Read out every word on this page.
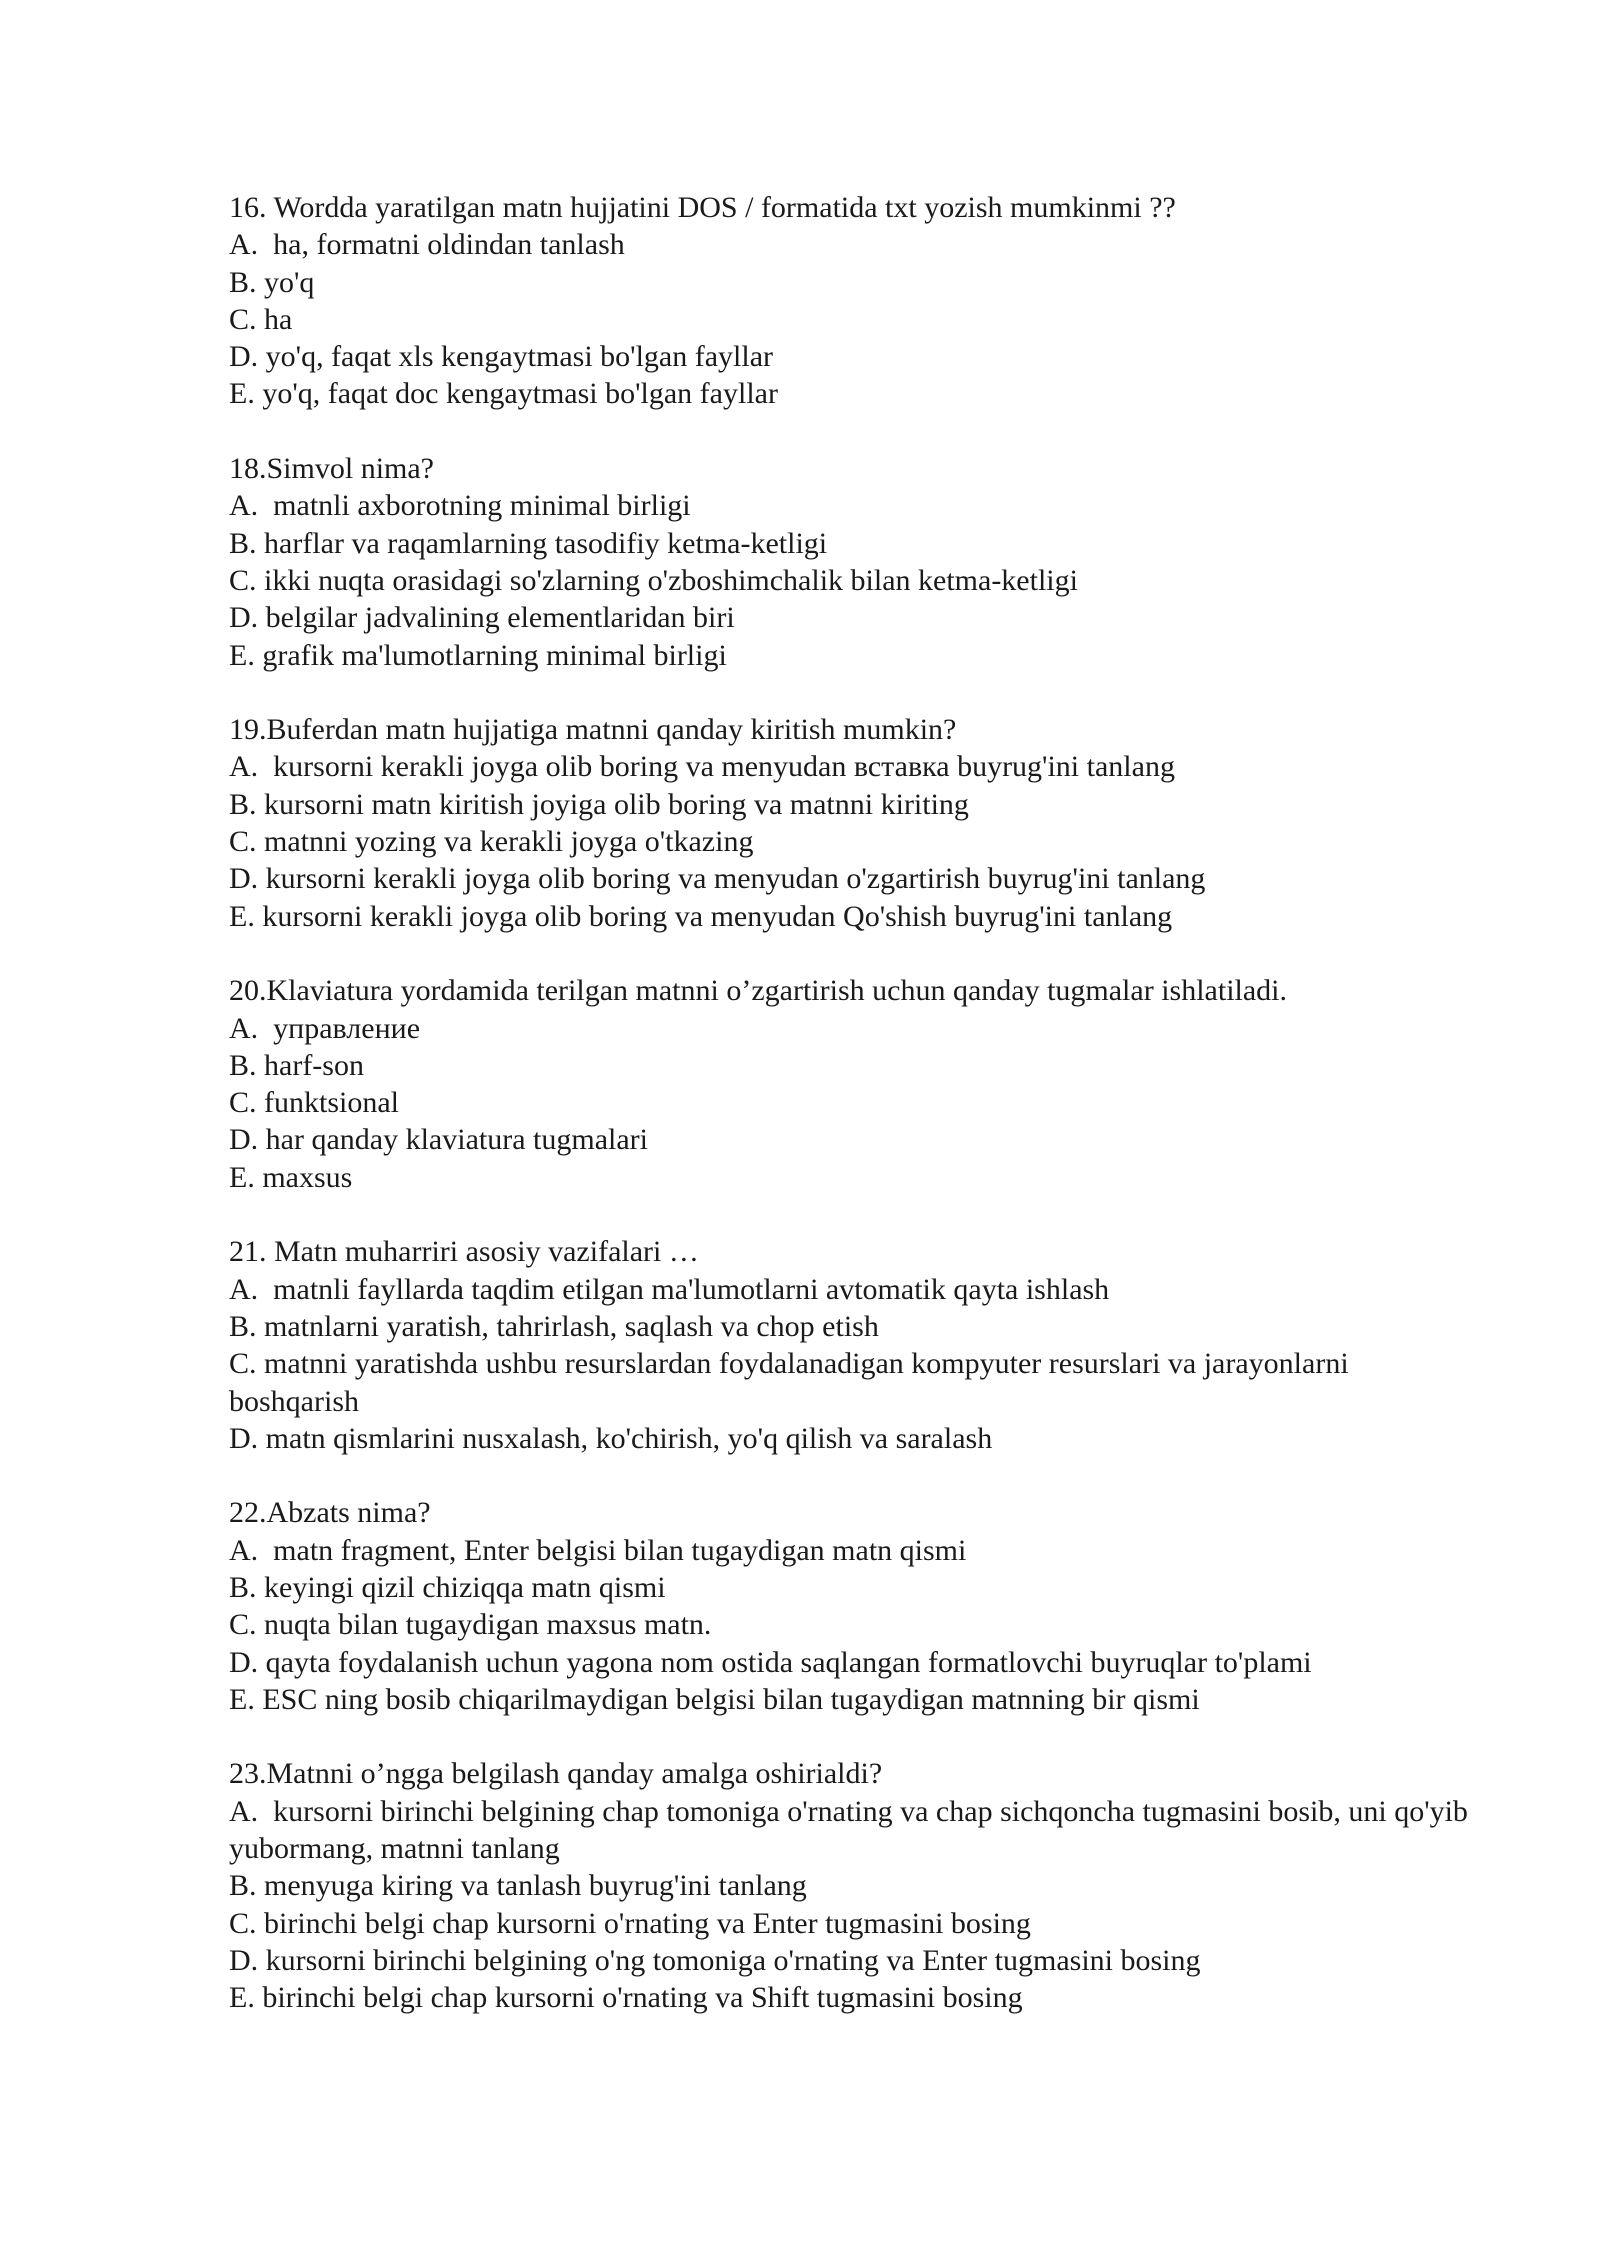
16. Wordda yaratilgan matn hujjatini DOS / formatida txt yozish mumkinmi ??
A.  ha, formatni oldindan tanlash
B. yo'q
C. ha
D. yo'q, faqat xls kengaytmasi bo'lgan fayllar
E. yo'q, faqat doc kengaytmasi bo'lgan fayllar
18.Simvol nima?
A.  matnli axborotning minimal birligi
B. harflar va raqamlarning tasodifiy ketma-ketligi
C. ikki nuqta orasidagi so'zlarning o'zboshimchalik bilan ketma-ketligi
D. belgilar jadvalining elementlaridan biri
E. grafik ma'lumotlarning minimal birligi
19.Buferdan matn hujjatiga matnni qanday kiritish mumkin?
A.  kursorni kerakli joyga olib boring va menyudan вставка buyrug'ini tanlang
B. kursorni matn kiritish joyiga olib boring va matnni kiriting
C. matnni yozing va kerakli joyga o'tkazing
D. kursorni kerakli joyga olib boring va menyudan o'zgartirish buyrug'ini tanlang
E. kursorni kerakli joyga olib boring va menyudan Qo'shish buyrug'ini tanlang
20.Klaviatura yordamida terilgan matnni o’zgartirish uchun qanday tugmalar ishlatiladi.
A.  управление
B. harf-son
C. funktsional
D. har qanday klaviatura tugmalari
E. maxsus
21. Matn muharriri asosiy vazifalari …
A.  matnli fayllarda taqdim etilgan ma'lumotlarni avtomatik qayta ishlash
B. matnlarni yaratish, tahrirlash, saqlash va chop etish
C. matnni yaratishda ushbu resurslardan foydalanadigan kompyuter resurslari va jarayonlarni boshqarish
D. matn qismlarini nusxalash, ko'chirish, yo'q qilish va saralash
22.Abzats nima?
A.  matn fragment, Enter belgisi bilan tugaydigan matn qismi
B. keyingi qizil chiziqqa matn qismi
C. nuqta bilan tugaydigan maxsus matn.
D. qayta foydalanish uchun yagona nom ostida saqlangan formatlovchi buyruqlar to'plami
E. ESC ning bosib chiqarilmaydigan belgisi bilan tugaydigan matnning bir qismi
23.Matnni o’ngga belgilash qanday amalga oshirialdi?
A.  kursorni birinchi belgining chap tomoniga o'rnating va chap sichqoncha tugmasini bosib, uni qo'yib yubormang, matnni tanlang
B. menyuga kiring va tanlash buyrug'ini tanlang
C. birinchi belgi chap kursorni o'rnating va Enter tugmasini bosing
D. kursorni birinchi belgining o'ng tomoniga o'rnating va Enter tugmasini bosing
E. birinchi belgi chap kursorni o'rnating va Shift tugmasini bosing
